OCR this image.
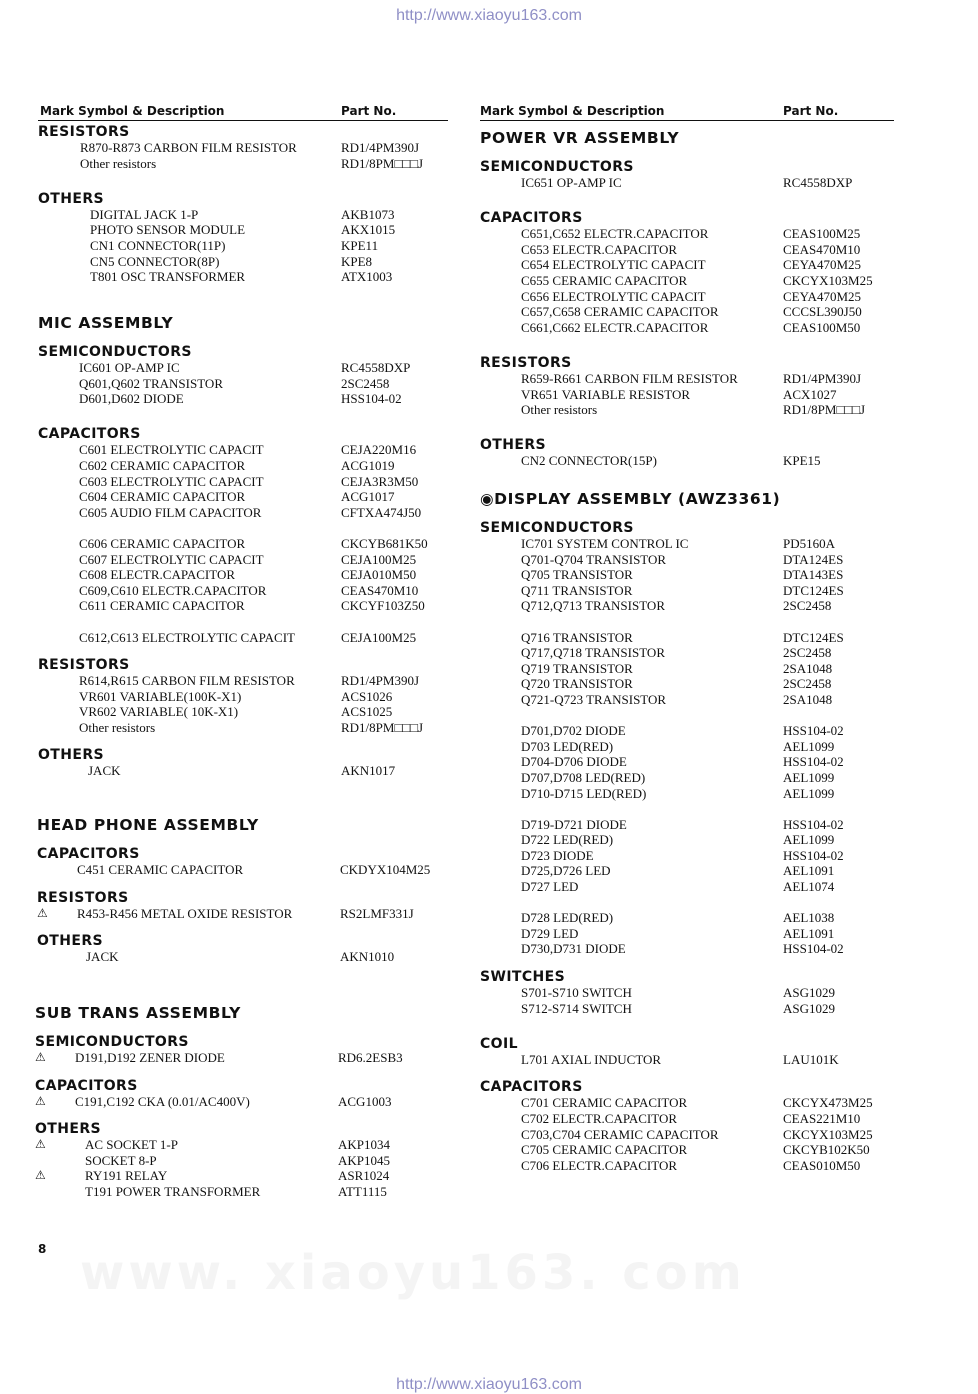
http://www.xiaoyu163.com
www. xiaoyu163. com
Mark Symbol & Description	Part No.
RESISTORS
R870-R873 CARBON FILM RESISTOR	RD1/4PM390J
Other resistors	RD1/8PM□□□J
OTHERS
DIGITAL JACK 1-P	AKB1073
PHOTO SENSOR MODULE	AKX1015
CN1 CONNECTOR(11P)	KPE11
CN5 CONNECTOR(8P)	KPE8
T801 OSC TRANSFORMER	ATX1003
MIC ASSEMBLY
SEMICONDUCTORS
IC601 OP-AMP IC	RC4558DXP
Q601,Q602 TRANSISTOR	2SC2458
D601,D602 DIODE	HSS104-02
CAPACITORS
C601 ELECTROLYTIC CAPACIT	CEJA220M16
C602 CERAMIC CAPACITOR	ACG1019
C603 ELECTROLYTIC CAPACIT	CEJA3R3M50
C604 CERAMIC CAPACITOR	ACG1017
C605 AUDIO FILM CAPACITOR	CFTXA474J50
C606 CERAMIC CAPACITOR	CKCYB681K50
C607 ELECTROLYTIC CAPACIT	CEJA100M25
C608 ELECTR.CAPACITOR	CEJA010M50
C609,C610 ELECTR.CAPACITOR	CEAS470M10
C611 CERAMIC CAPACITOR	CKCYF103Z50
C612,C613 ELECTROLYTIC CAPACIT	CEJA100M25
RESISTORS
R614,R615 CARBON FILM RESISTOR	RD1/4PM390J
VR601 VARIABLE(100K-X1)	ACS1026
VR602 VARIABLE( 10K-X1)	ACS1025
Other resistors	RD1/8PM□□□J
OTHERS
JACK	AKN1017
HEAD PHONE ASSEMBLY
CAPACITORS
C451 CERAMIC CAPACITOR	CKDYX104M25
RESISTORS
⚠ R453-R456 METAL OXIDE RESISTOR	RS2LMF331J
OTHERS
JACK	AKN1010
SUB TRANS ASSEMBLY
SEMICONDUCTORS
⚠ D191,D192 ZENER DIODE	RD6.2ESB3
CAPACITORS
⚠ C191,C192 CKA (0.01/AC400V)	ACG1003
OTHERS
⚠	AC SOCKET 1-P	AKP1034
SOCKET 8-P	AKP1045
⚠	RY191 RELAY	ASR1024
T191 POWER TRANSFORMER	ATT1115
8
Mark Symbol & Description	Part No.
POWER VR ASSEMBLY
SEMICONDUCTORS
IC651 OP-AMP IC	RC4558DXP
CAPACITORS
C651,C652 ELECTR.CAPACITOR	CEAS100M25
C653 ELECTR.CAPACITOR	CEAS470M10
C654 ELECTROLYTIC CAPACIT	CEYA470M25
C655 CERAMIC CAPACITOR	CKCYX103M25
C656 ELECTROLYTIC CAPACIT	CEYA470M25
C657,C658 CERAMIC CAPACITOR	CCCSL390J50
C661,C662 ELECTR.CAPACITOR	CEAS100M50
RESISTORS
R659-R661 CARBON FILM RESISTOR	RD1/4PM390J
VR651 VARIABLE RESISTOR	ACX1027
Other resistors	RD1/8PM□□□J
OTHERS
CN2 CONNECTOR(15P)	KPE15
◉DISPLAY ASSEMBLY (AWZ3361)
SEMICONDUCTORS
IC701 SYSTEM CONTROL IC	PD5160A
Q701-Q704 TRANSISTOR	DTA124ES
Q705 TRANSISTOR	DTA143ES
Q711 TRANSISTOR	DTC124ES
Q712,Q713 TRANSISTOR	2SC2458
Q716 TRANSISTOR	DTC124ES
Q717,Q718 TRANSISTOR	2SC2458
Q719 TRANSISTOR	2SA1048
Q720 TRANSISTOR	2SC2458
Q721-Q723 TRANSISTOR	2SA1048
D701,D702 DIODE	HSS104-02
D703 LED(RED)	AEL1099
D704-D706 DIODE	HSS104-02
D707,D708 LED(RED)	AEL1099
D710-D715 LED(RED)	AEL1099
D719-D721 DIODE	HSS104-02
D722 LED(RED)	AEL1099
D723 DIODE	HSS104-02
D725,D726 LED	AEL1091
D727 LED	AEL1074
D728 LED(RED)	AEL1038
D729 LED	AEL1091
D730,D731 DIODE	HSS104-02
SWITCHES
S701-S710 SWITCH	ASG1029
S712-S714 SWITCH	ASG1029
COIL
L701 AXIAL INDUCTOR	LAU101K
CAPACITORS
C701 CERAMIC CAPACITOR	CKCYX473M25
C702 ELECTR.CAPACITOR	CEAS221M10
C703,C704 CERAMIC CAPACITOR	CKCYX103M25
C705 CERAMIC CAPACITOR	CKCYB102K50
C706 ELECTR.CAPACITOR	CEAS010M50
http://www.xiaoyu163.com
